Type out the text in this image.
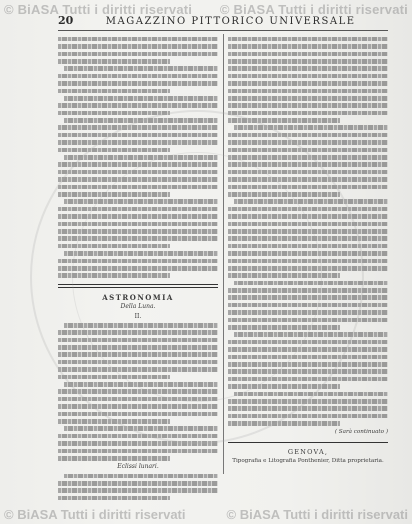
© BiASA Tutti i diritti riservati © BiASA Tutti i diritti riservati
20	MAGAZZINO PITTORICO UNIVERSALE
ASTRONOMIA
Della Luna.
II.
Eclissi lunari.
( Sarà continuato )
GENOVA,
Tipografia e Litografia Ponthenier, Ditta proprietaria.
© BiASA Tutti i diritti riservati	© BiASA Tutti i diritti riservati
